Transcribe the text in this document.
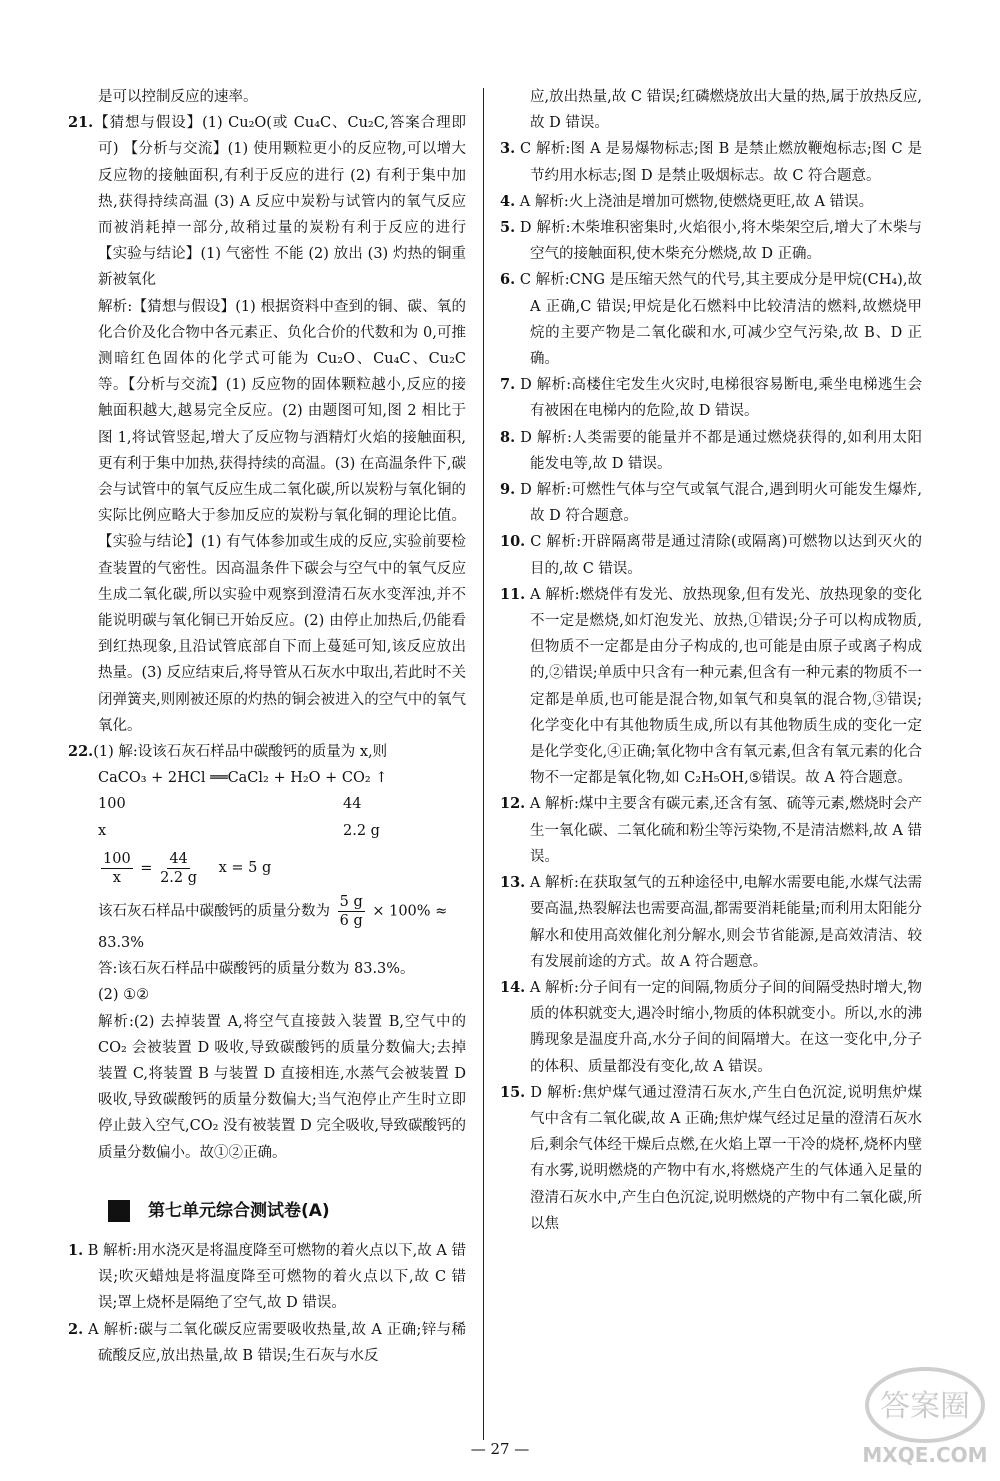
是可以控制反应的速率。

21.【猜想与假设】(1) Cu₂O(或 Cu₄C、Cu₂C,答案合理即可) 【分析与交流】(1) 使用颗粒更小的反应物,可以增大反应物的接触面积,有利于反应的进行 (2) 有利于集中加热,获得持续高温 (3) A 反应中炭粉与试管内的氧气反应而被消耗掉一部分,故稍过量的炭粉有利于反应的进行 【实验与结论】(1) 气密性 不能 (2) 放出 (3) 灼热的铜重新被氧化

解析:【猜想与假设】(1) 根据资料中查到的铜、碳、氧的化合价及化合物中各元素正、负化合价的代数和为 0,可推测暗红色固体的化学式可能为 Cu₂O、Cu₄C、Cu₂C 等。【分析与交流】(1) 反应物的固体颗粒越小,反应的接触面积越大,越易完全反应。(2) 由题图可知,图 2 相比于图 1,将试管竖起,增大了反应物与酒精灯火焰的接触面积,更有利于集中加热,获得持续的高温。(3) 在高温条件下,碳会与试管中的氧气反应生成二氧化碳,所以炭粉与氧化铜的实际比例应略大于参加反应的炭粉与氧化铜的理论比值。【实验与结论】(1) 有气体参加或生成的反应,实验前要检查装置的气密性。因高温条件下碳会与空气中的氧气反应生成二氧化碳,所以实验中观察到澄清石灰水变浑浊,并不能说明碳与氧化铜已开始反应。(2) 由停止加热后,仍能看到红热现象,且沿试管底部自下而上蔓延可知,该反应放出热量。(3) 反应结束后,将导管从石灰水中取出,若此时不关闭弹簧夹,则刚被还原的灼热的铜会被进入的空气中的氧气氧化。

22.(1) 解:设该石灰石样品中碳酸钙的质量为 x,则

CaCO₃ + 2HCl ══CaCl₂ + H₂O + CO₂ ↑

100	44
x	2.2 g
$\frac{100}{x} = \frac{44}{2.2 g}$ x = 5 g
该石灰石样品中碳酸钙的质量分数为 $\frac{5 g}{6 g} \times 100\%$ ≈

83.3%

答:该石灰石样品中碳酸钙的质量分数为 83.3%。

(2) ①②

解析:(2) 去掉装置 A,将空气直接鼓入装置 B,空气中的 CO₂ 会被装置 D 吸收,导致碳酸钙的质量分数偏大;去掉装置 C,将装置 B 与装置 D 直接相连,水蒸气会被装置 D 吸收,导致碳酸钙的质量分数偏大;当气泡停止产生时立即停止鼓入空气,CO₂ 没有被装置 D 完全吸收,导致碳酸钙的质量分数偏小。故①②正确。

第七单元综合测试卷(A)

1. B 解析:用水浇灭是将温度降至可燃物的着火点以下,故 A 错误;吹灭蜡烛是将温度降至可燃物的着火点以下,故 C 错误;罩上烧杯是隔绝了空气,故 D 错误。

2. A 解析:碳与二氧化碳反应需要吸收热量,故 A 正确;锌与稀硫酸反应,放出热量,故 B 错误;生石灰与水反

应,放出热量,故 C 错误;红磷燃烧放出大量的热,属于放热反应,故 D 错误。

3. C 解析:图 A 是易爆物标志;图 B 是禁止燃放鞭炮标志;图 C 是节约用水标志;图 D 是禁止吸烟标志。故 C 符合题意。

4. A 解析:火上浇油是增加可燃物,使燃烧更旺,故 A 错误。

5. D 解析:木柴堆积密集时,火焰很小,将木柴架空后,增大了木柴与空气的接触面积,使木柴充分燃烧,故 D 正确。

6. C 解析:CNG 是压缩天然气的代号,其主要成分是甲烷(CH₄),故 A 正确,C 错误;甲烷是化石燃料中比较清洁的燃料,故燃烧甲烷的主要产物是二氧化碳和水,可减少空气污染,故 B、D 正确。

7. D 解析:高楼住宅发生火灾时,电梯很容易断电,乘坐电梯逃生会有被困在电梯内的危险,故 D 错误。

8. D 解析:人类需要的能量并不都是通过燃烧获得的,如利用太阳能发电等,故 D 错误。

9. D 解析:可燃性气体与空气或氧气混合,遇到明火可能发生爆炸,故 D 符合题意。

10. C 解析:开辟隔离带是通过清除(或隔离)可燃物以达到灭火的目的,故 C 错误。

11. A 解析:燃烧伴有发光、放热现象,但有发光、放热现象的变化不一定是燃烧,如灯泡发光、放热,①错误;分子可以构成物质,但物质不一定都是由分子构成的,也可能是由原子或离子构成的,②错误;单质中只含有一种元素,但含有一种元素的物质不一定都是单质,也可能是混合物,如氧气和臭氧的混合物,③错误;化学变化中有其他物质生成,所以有其他物质生成的变化一定是化学变化,④正确;氧化物中含有氧元素,但含有氧元素的化合物不一定都是氧化物,如 C₂H₅OH,⑤错误。故 A 符合题意。

12. A 解析:煤中主要含有碳元素,还含有氢、硫等元素,燃烧时会产生一氧化碳、二氧化硫和粉尘等污染物,不是清洁燃料,故 A 错误。

13. A 解析:在获取氢气的五种途径中,电解水需要电能,水煤气法需要高温,热裂解法也需要高温,都需要消耗能量;而利用太阳能分解水和使用高效催化剂分解水,则会节省能源,是高效清洁、较有发展前途的方式。故 A 符合题意。

14. A 解析:分子间有一定的间隔,物质分子间的间隔受热时增大,物质的体积就变大,遇冷时缩小,物质的体积就变小。所以,水的沸腾现象是温度升高,水分子间的间隔增大。在这一变化中,分子的体积、质量都没有变化,故 A 错误。

15. D 解析:焦炉煤气通过澄清石灰水,产生白色沉淀,说明焦炉煤气中含有二氧化碳,故 A 正确;焦炉煤气经过足量的澄清石灰水后,剩余气体经干燥后点燃,在火焰上罩一干冷的烧杯,烧杯内壁有水雾,说明燃烧的产物中有水,将燃烧产生的气体通入足量的澄清石灰水中,产生白色沉淀,说明燃烧的产物中有二氧化碳,所以焦

— 27 —
答案圈
MXQE.COM
